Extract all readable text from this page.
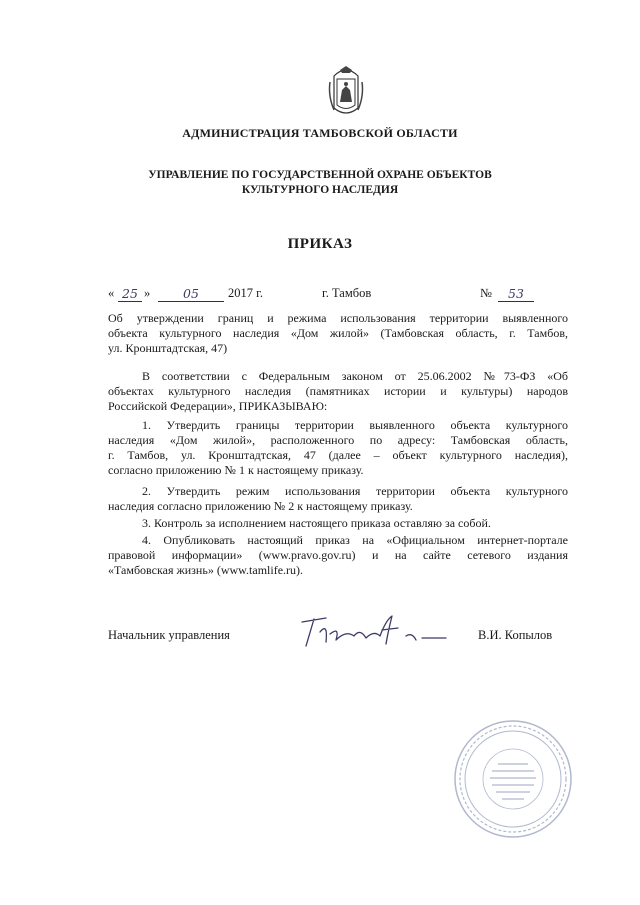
АДМИНИСТРАЦИЯ ТАМБОВСКОЙ ОБЛАСТИ
УПРАВЛЕНИЕ ПО ГОСУДАРСТВЕННОЙ ОХРАНЕ ОБЪЕКТОВ
КУЛЬТУРНОГО НАСЛЕДИЯ
ПРИКАЗ
« 25 »	05	2017 г.	г. Тамбов	№	53
Об утверждении границ и режима использования территории выявленного
объекта культурного наследия «Дом жилой» (Тамбовская область, г. Тамбов,
ул. Кронштадтская, 47)
В соответствии с Федеральным законом от 25.06.2002 №73-ФЗ «Об
объектах культурного наследия (памятниках истории и культуры) народов
Российской Федерации», ПРИКАЗЫВАЮ:
1. Утвердить границы территории выявленного объекта культурного
наследия «Дом жилой», расположенного по адресу: Тамбовская область,
г. Тамбов, ул. Кронштадтская, 47 (далее – объект культурного наследия),
согласно приложению № 1 к настоящему приказу.
2. Утвердить режим использования территории объекта культурного
наследия согласно приложению № 2 к настоящему приказу.
3. Контроль за исполнением настоящего приказа оставляю за собой.
4. Опубликовать настоящий приказ на «Официальном интернет-портале
правовой информации» (www.pravo.gov.ru) и на сайте сетевого издания
«Тамбовская жизнь» (www.tamlife.ru).
Начальник управления	В.И. Копылов
